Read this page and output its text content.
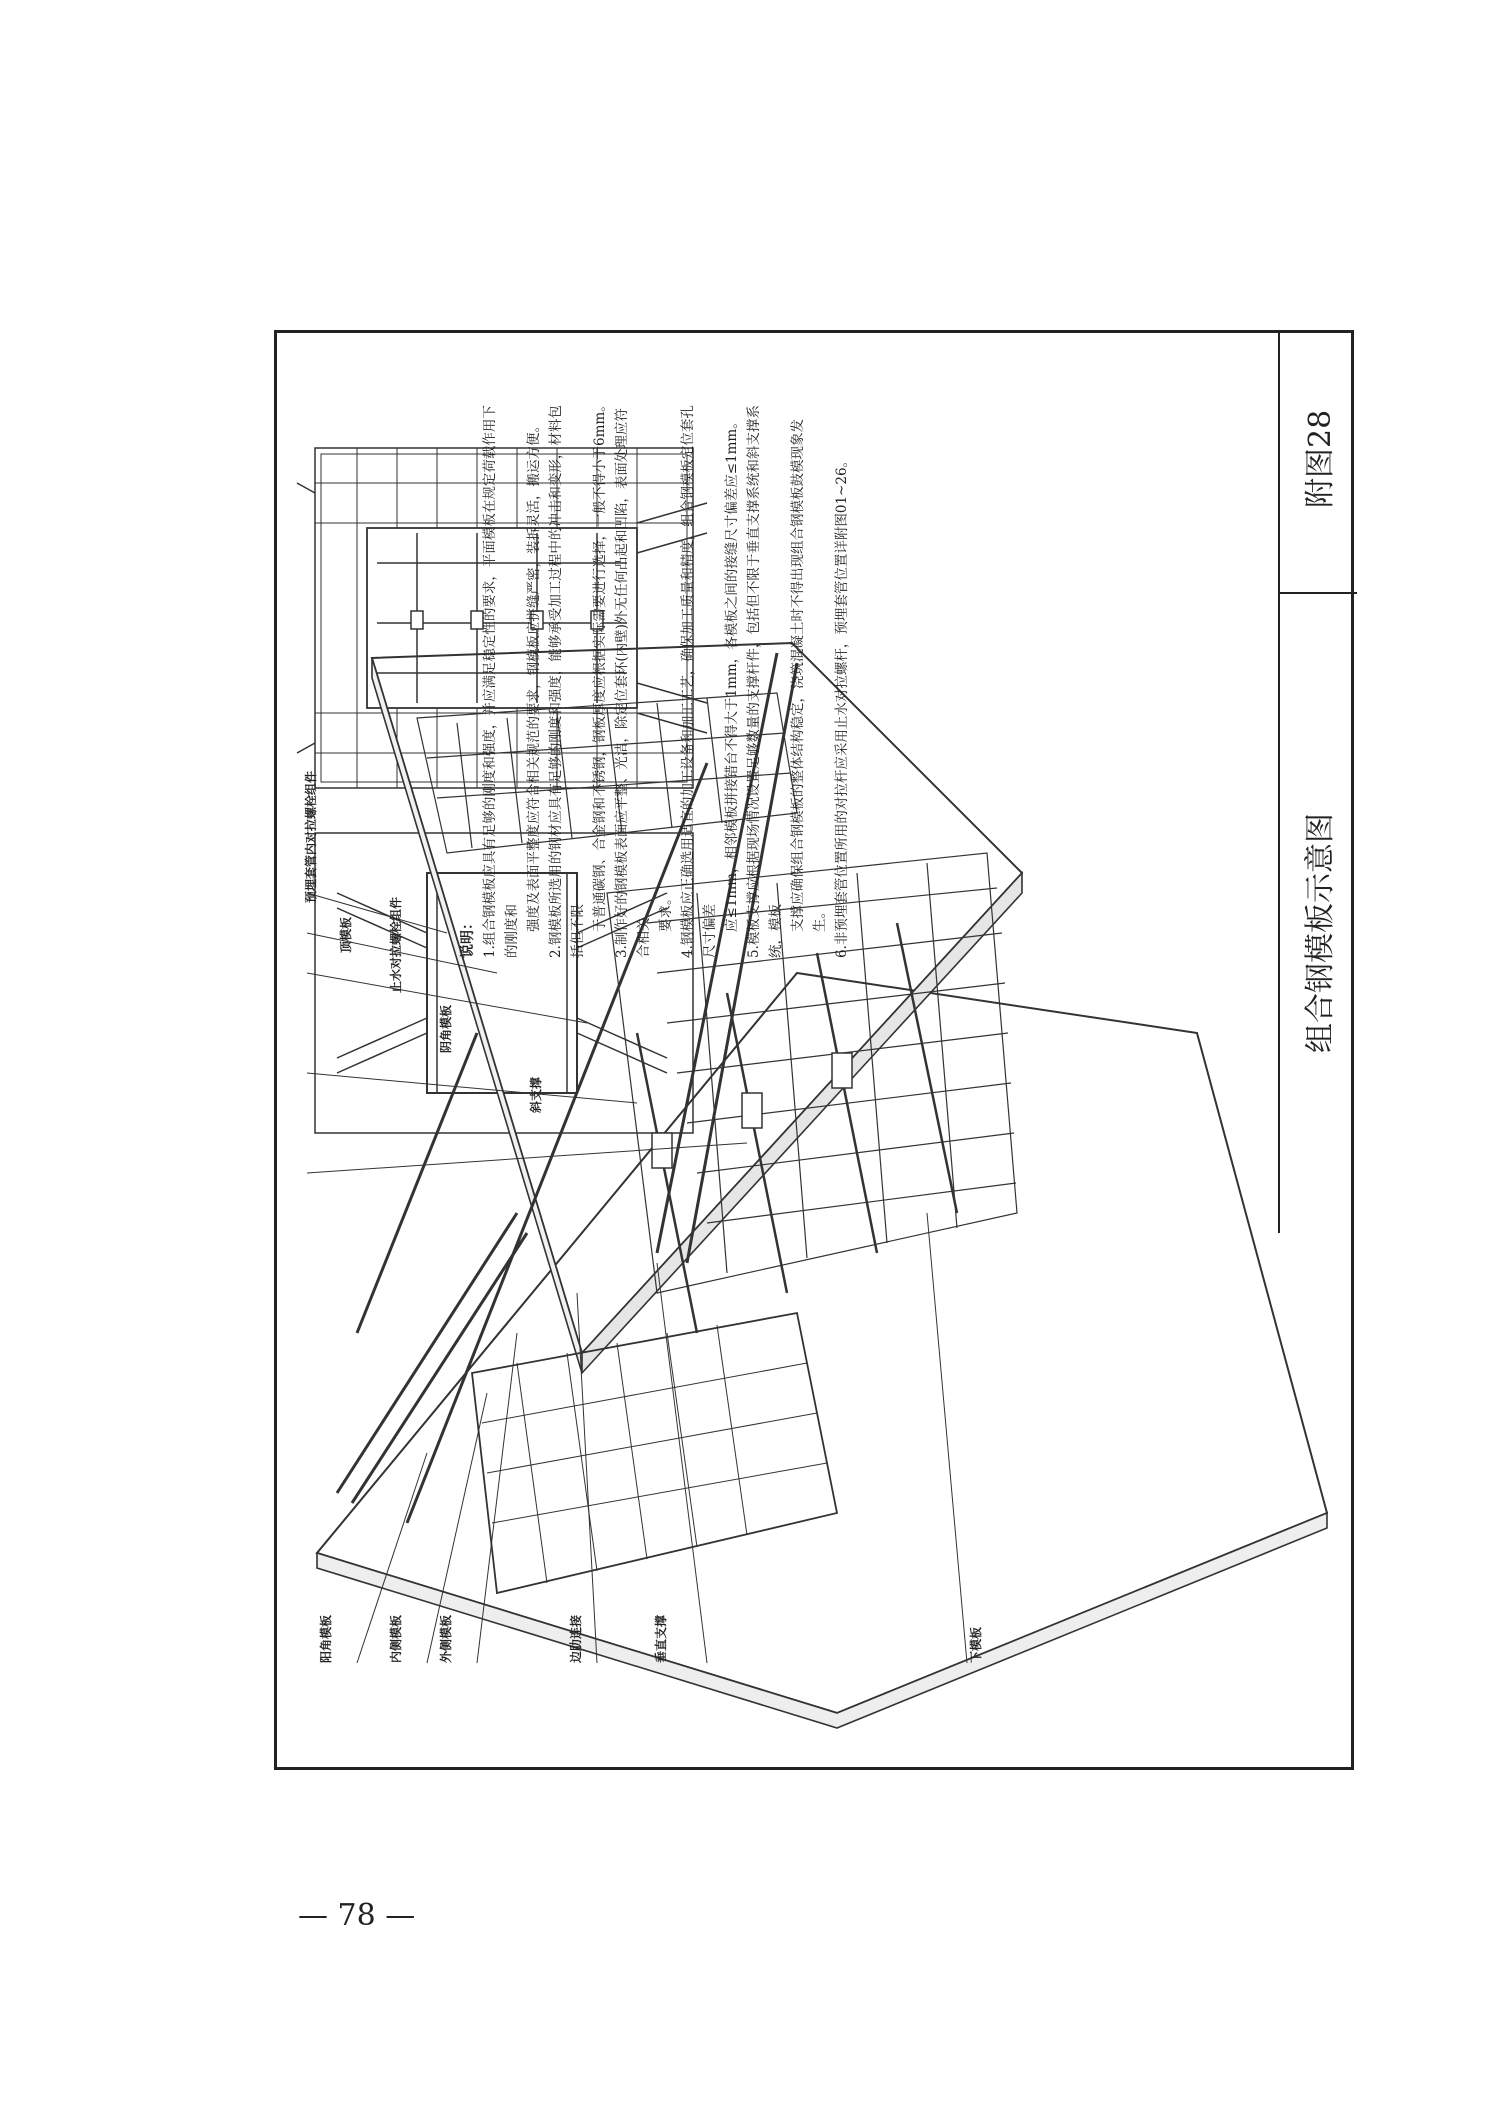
组合钢模板示意图
附图28

说明： 1.组合钢模板应具有足够的刚度和强度，并应满足稳定性的要求，平面模板在规定荷载作用下的刚度和 强度及表面平整度应符合相关规范的要求，钢模板应拼缝严密，装拆灵活，搬运方便。 2.钢模板所选用的钢材应具有足够的刚度和强度，能够承受加工过程中的冲击和变形，材料包括但不限 于普通碳钢、合金钢和不锈钢，钢板厚度应根据实际需要进行选择，一般不得小于6mm。 3.制作好的钢模板表面应平整、光洁，除定位套环(内壁)外无任何凸起和凹陷，表面处理应符合相关

要求。 4.钢模板应正确选用适宜的加工设备和加工工艺，确保加工质量和精度，组合钢模板定位套孔尺寸偏差 应≤1mm，相邻模板拼接错台不得大于1mm，各模板之间的接缝尺寸偏差应≤1mm。 5.模板支撑应根据现场情况设置足够数量的支撑杆件，包括但不限于垂直支撑系统和斜支撑系统，模板 支撑应确保组合钢模板的整体结构稳定，浇筑混凝土时不得出现组合钢模板鼓模现象发生。 6.非预埋套管位置所用的对拉杆应采用止水对拉螺杆，预埋套管位置详附图01~26。

阳角模板	内侧模板	外侧模板	边肋连接	垂直支撑	下模板
预埋套管内对拉螺栓组件
顶模板	止水对拉螺栓组件
阴角模板
斜支撑
— 78 —
